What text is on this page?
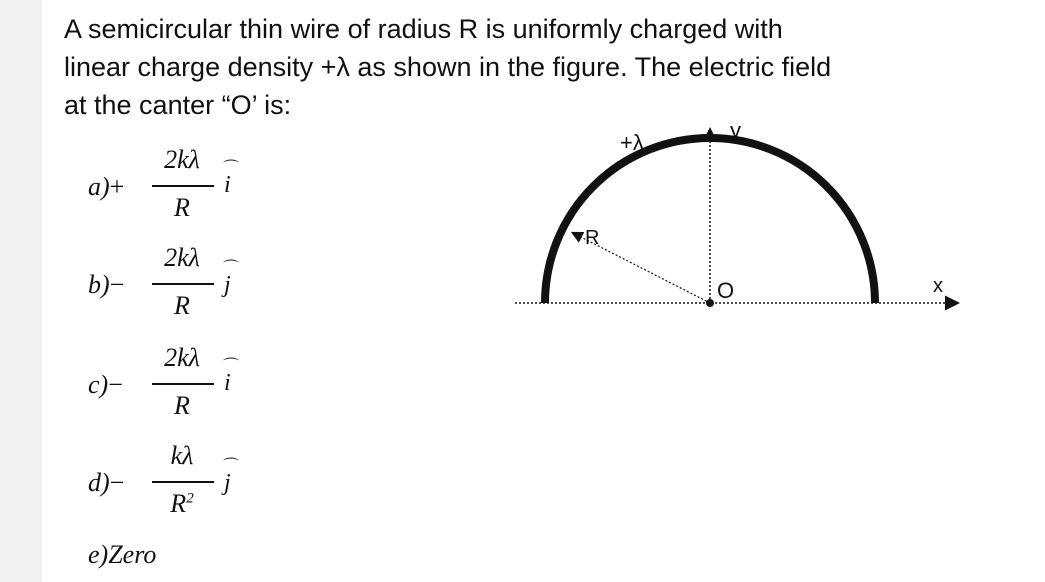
A semicircular thin wire of radius R is uniformly charged with
linear charge density +λ as shown in the figure. The electric field
at the canter “O’ is:
a)+
2kλ
R
i
⌒
b)−
2kλ
R
j
⌒
c)−
2kλ
R
i
⌒
d)−
kλ
$R^2$
j
⌒
e)Zero
+λ
R
O	x
y
